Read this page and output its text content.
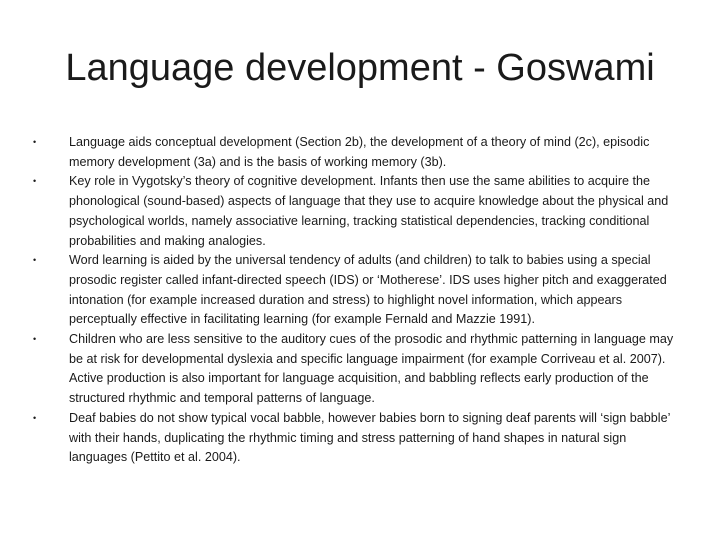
Language development - Goswami
•	Language aids conceptual development (Section 2b), the development of a theory of mind (2c), episodic memory development (3a) and is the basis of working memory (3b).
•	Key role in Vygotsky’s theory of cognitive development. Infants then use the same abilities to acquire the phonological (sound-based) aspects of language that they use to acquire knowledge about the physical and psychological worlds, namely associative learning, tracking statistical dependencies, tracking conditional probabilities and making analogies.
•	Word learning is aided by the universal tendency of adults (and children) to talk to babies using a special prosodic register called infant-directed speech (IDS) or ‘Motherese’. IDS uses higher pitch and exaggerated intonation (for example increased duration and stress) to highlight novel information, which appears perceptually effective in facilitating learning (for example Fernald and Mazzie 1991).
•	Children who are less sensitive to the auditory cues of the prosodic and rhythmic patterning in language may be at risk for developmental dyslexia and specific language impairment (for example Corriveau et al. 2007). Active production is also important for language acquisition, and babbling reflects early production of the structured rhythmic and temporal patterns of language.
•	Deaf babies do not show typical vocal babble, however babies born to signing deaf parents will ‘sign babble’ with their hands, duplicating the rhythmic timing and stress patterning of hand shapes in natural sign languages (Pettito et al. 2004).
